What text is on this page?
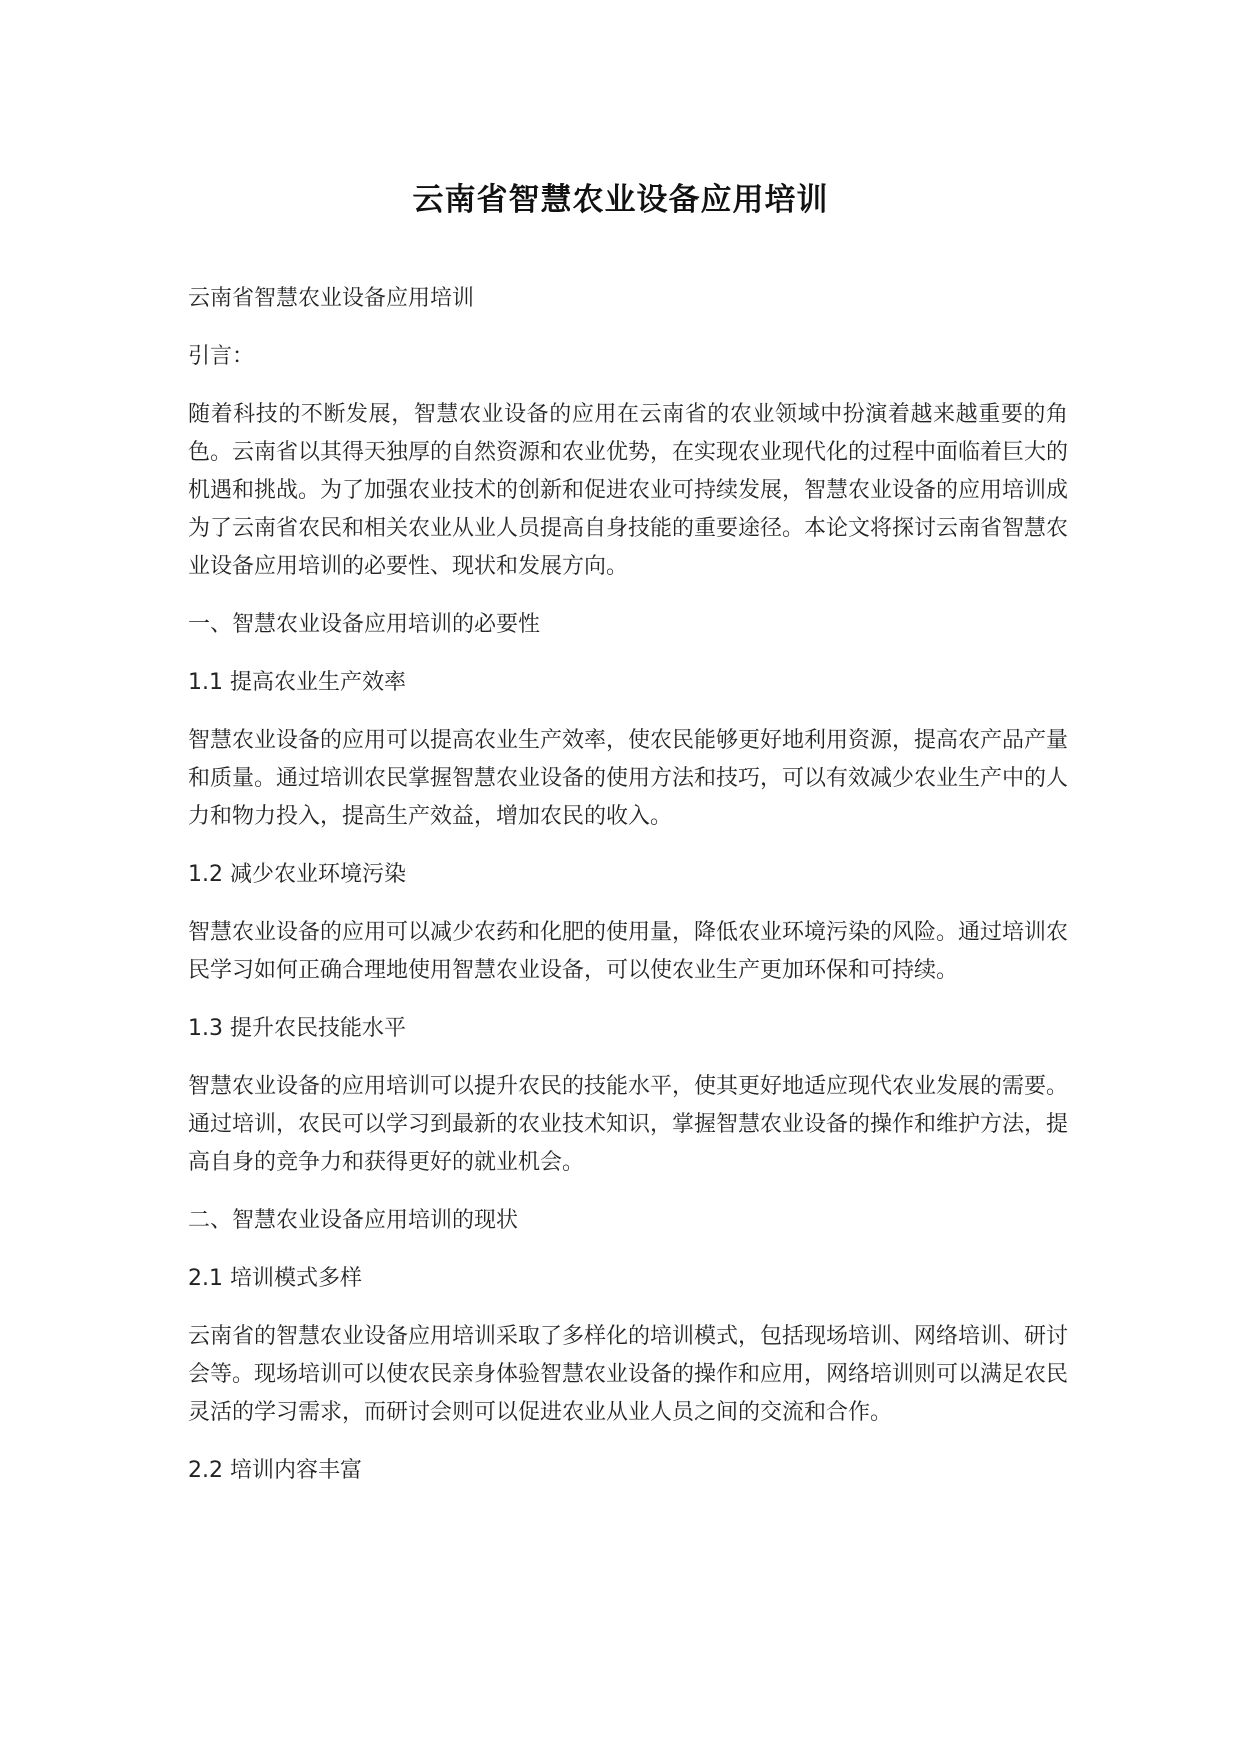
云南省智慧农业设备应用培训

云南省智慧农业设备应用培训

引言：

随着科技的不断发展，智慧农业设备的应用在云南省的农业领域中扮演着越来越重要的角色。云南省以其得天独厚的自然资源和农业优势，在实现农业现代化的过程中面临着巨大的机遇和挑战。为了加强农业技术的创新和促进农业可持续发展，智慧农业设备的应用培训成为了云南省农民和相关农业从业人员提高自身技能的重要途径。本论文将探讨云南省智慧农业设备应用培训的必要性、现状和发展方向。

一、智慧农业设备应用培训的必要性

1.1 提高农业生产效率

智慧农业设备的应用可以提高农业生产效率，使农民能够更好地利用资源，提高农产品产量和质量。通过培训农民掌握智慧农业设备的使用方法和技巧，可以有效减少农业生产中的人力和物力投入，提高生产效益，增加农民的收入。

1.2 减少农业环境污染

智慧农业设备的应用可以减少农药和化肥的使用量，降低农业环境污染的风险。通过培训农民学习如何正确合理地使用智慧农业设备，可以使农业生产更加环保和可持续。

1.3 提升农民技能水平

智慧农业设备的应用培训可以提升农民的技能水平，使其更好地适应现代农业发展的需要。通过培训，农民可以学习到最新的农业技术知识，掌握智慧农业设备的操作和维护方法，提高自身的竞争力和获得更好的就业机会。

二、智慧农业设备应用培训的现状

2.1 培训模式多样

云南省的智慧农业设备应用培训采取了多样化的培训模式，包括现场培训、网络培训、研讨会等。现场培训可以使农民亲身体验智慧农业设备的操作和应用，网络培训则可以满足农民灵活的学习需求，而研讨会则可以促进农业从业人员之间的交流和合作。

2.2 培训内容丰富
